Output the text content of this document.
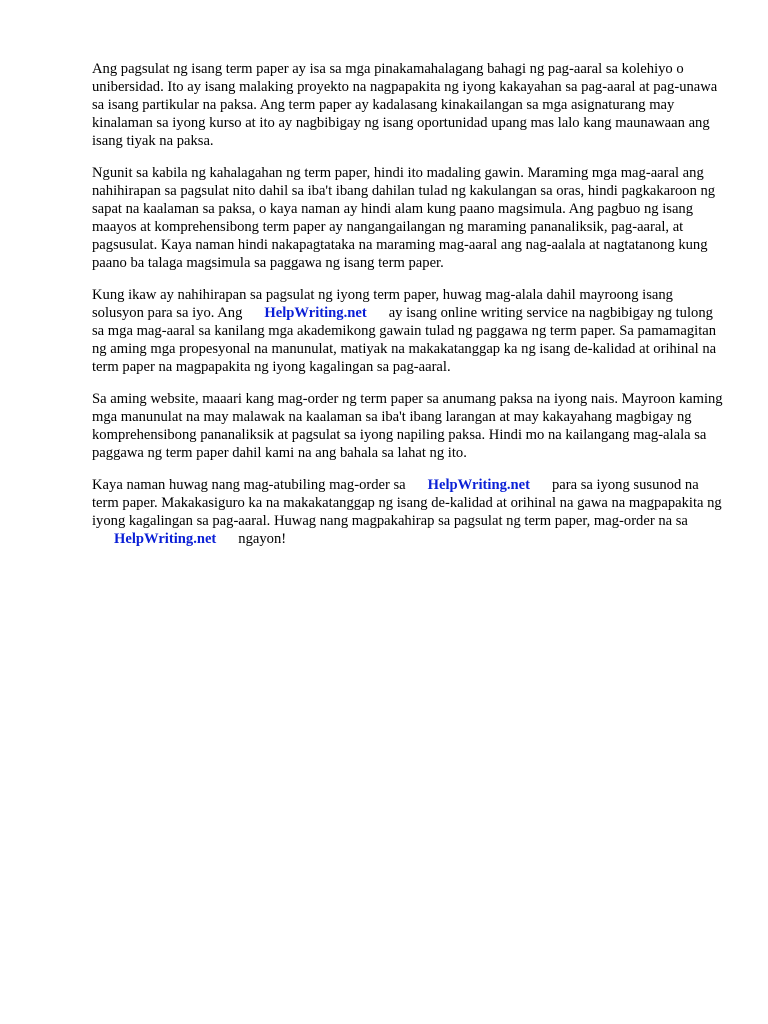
Ang pagsulat ng isang term paper ay isa sa mga pinakamahalagang bahagi ng pag-aaral sa kolehiyo o unibersidad. Ito ay isang malaking proyekto na nagpapakita ng iyong kakayahan sa pag-aaral at pag-unawa sa isang partikular na paksa. Ang term paper ay kadalasang kinakailangan sa mga asignaturang may kinalaman sa iyong kurso at ito ay nagbibigay ng isang oportunidad upang mas lalo kang maunawaan ang isang tiyak na paksa.

Ngunit sa kabila ng kahalagahan ng term paper, hindi ito madaling gawin. Maraming mga mag-aaral ang nahihirapan sa pagsulat nito dahil sa iba't ibang dahilan tulad ng kakulangan sa oras, hindi pagkakaroon ng sapat na kaalaman sa paksa, o kaya naman ay hindi alam kung paano magsimula. Ang pagbuo ng isang maayos at komprehensibong term paper ay nangangailangan ng maraming pananaliksik, pag-aaral, at pagsusulat. Kaya naman hindi nakapagtataka na maraming mag-aaral ang nag-aalala at nagtatanong kung paano ba talaga magsimula sa paggawa ng isang term paper.

Kung ikaw ay nahihirapan sa pagsulat ng iyong term paper, huwag mag-alala dahil mayroong isang solusyon para sa iyo. Ang HelpWriting.net ay isang online writing service na nagbibigay ng tulong sa mga mag-aaral sa kanilang mga akademikong gawain tulad ng paggawa ng term paper. Sa pamamagitan ng aming mga propesyonal na manunulat, matiyak na makakatanggap ka ng isang de-kalidad at orihinal na term paper na magpapakita ng iyong kagalingan sa pag-aaral.

Sa aming website, maaari kang mag-order ng term paper sa anumang paksa na iyong nais. Mayroon kaming mga manunulat na may malawak na kaalaman sa iba't ibang larangan at may kakayahang magbigay ng komprehensibong pananaliksik at pagsulat sa iyong napiling paksa. Hindi mo na kailangang mag-alala sa paggawa ng term paper dahil kami na ang bahala sa lahat ng ito.

Kaya naman huwag nang mag-atubiling mag-order sa HelpWriting.net para sa iyong susunod na term paper. Makakasiguro ka na makakatanggap ng isang de-kalidad at orihinal na gawa na magpapakita ng iyong kagalingan sa pag-aaral. Huwag nang magpakahirap sa pagsulat ng term paper, mag-order na saHelpWriting.net ngayon!
